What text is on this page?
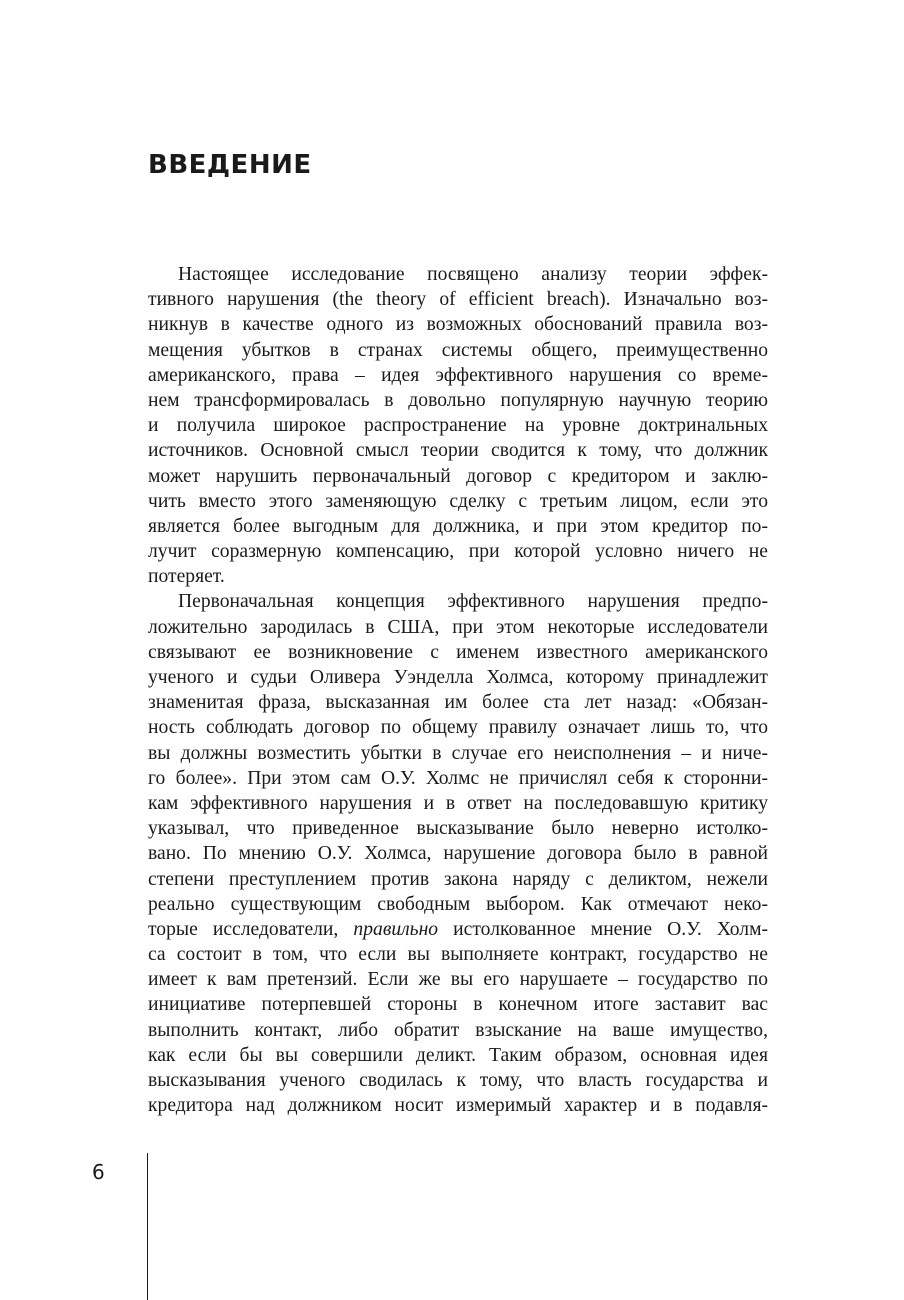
ВВЕДЕНИЕ
Настоящее исследование посвящено анализу теории эффек-
тивного нарушения (the theory of efficient breach). Изначально воз-
никнув в качестве одного из возможных обоснований правила воз-
мещения убытков в странах системы общего, преимущественно
американского, права – идея эффективного нарушения со време-
нем трансформировалась в довольно популярную научную теорию
и получила широкое распространение на уровне доктринальных
источников. Основной смысл теории сводится к тому, что должник
может нарушить первоначальный договор с кредитором и заклю-
чить вместо этого заменяющую сделку с третьим лицом, если это
является более выгодным для должника, и при этом кредитор по-
лучит соразмерную компенсацию, при которой условно ничего не
потеряет.
Первоначальная концепция эффективного нарушения предпо-
ложительно зародилась в США, при этом некоторые исследователи
связывают ее возникновение с именем известного американского
ученого и судьи Оливера Уэнделла Холмса, которому принадлежит
знаменитая фраза, высказанная им более ста лет назад: «Обязан-
ность соблюдать договор по общему правилу означает лишь то, что
вы должны возместить убытки в случае его неисполнения – и ниче-
го более». При этом сам О.У. Холмс не причислял себя к сторонни-
кам эффективного нарушения и в ответ на последовавшую критику
указывал, что приведенное высказывание было неверно истолко-
вано. По мнению О.У. Холмса, нарушение договора было в равной
степени преступлением против закона наряду с деликтом, нежели
реально существующим свободным выбором. Как отмечают неко-
торые исследователи, правильно истолкованное мнение О.У. Холм-
са состоит в том, что если вы выполняете контракт, государство не
имеет к вам претензий. Если же вы его нарушаете – государство по
инициативе потерпевшей стороны в конечном итоге заставит вас
выполнить контакт, либо обратит взыскание на ваше имущество,
как если бы вы совершили деликт. Таким образом, основная идея
высказывания ученого сводилась к тому, что власть государства и
кредитора над должником носит измеримый характер и в подавля-
6
